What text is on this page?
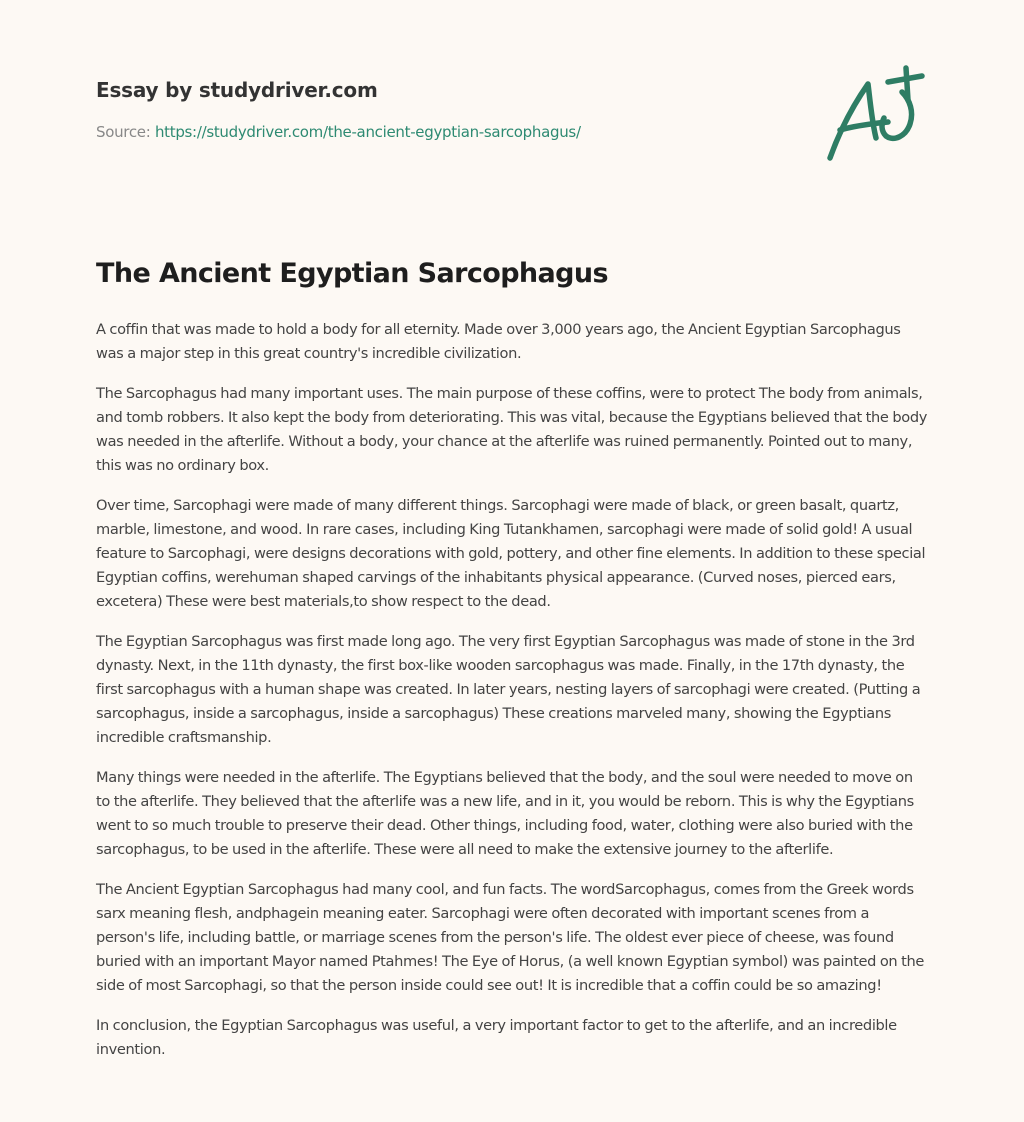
Essay by studydriver.com
Source: https://studydriver.com/the-ancient-egyptian-sarcophagus/
The Ancient Egyptian Sarcophagus

A coffin that was made to hold a body for all eternity. Made over 3,000 years ago, the Ancient Egyptian Sarcophagus was a major step in this great country's incredible civilization.

The Sarcophagus had many important uses. The main purpose of these coffins, were to protect The body from animals, and tomb robbers. It also kept the body from deteriorating. This was vital, because the Egyptians believed that the body was needed in the afterlife. Without a body, your chance at the afterlife was ruined permanently. Pointed out to many, this was no ordinary box.

Over time, Sarcophagi were made of many different things. Sarcophagi were made of black, or green basalt, quartz, marble, limestone, and wood. In rare cases, including King Tutankhamen, sarcophagi were made of solid gold! A usual feature to Sarcophagi, were designs decorations with gold, pottery, and other fine elements. In addition to these special Egyptian coffins, werehuman shaped carvings of the inhabitants physical appearance. (Curved noses, pierced ears, excetera) These were best materials,to show respect to the dead.

The Egyptian Sarcophagus was first made long ago. The very first Egyptian Sarcophagus was made of stone in the 3rd dynasty. Next, in the 11th dynasty, the first box-like wooden sarcophagus was made. Finally, in the 17th dynasty, the first sarcophagus with a human shape was created. In later years, nesting layers of sarcophagi were created. (Putting a sarcophagus, inside a sarcophagus, inside a sarcophagus) These creations marveled many, showing the Egyptians incredible craftsmanship.

Many things were needed in the afterlife. The Egyptians believed that the body, and the soul were needed to move on to the afterlife. They believed that the afterlife was a new life, and in it, you would be reborn. This is why the Egyptians went to so much trouble to preserve their dead. Other things, including food, water, clothing were also buried with the sarcophagus, to be used in the afterlife. These were all need to make the extensive journey to the afterlife.

The Ancient Egyptian Sarcophagus had many cool, and fun facts. The wordSarcophagus, comes from the Greek words sarx meaning flesh, andphagein meaning eater. Sarcophagi were often decorated with important scenes from a person's life, including battle, or marriage scenes from the person's life. The oldest ever piece of cheese, was found buried with an important Mayor named Ptahmes! The Eye of Horus, (a well known Egyptian symbol) was painted on the side of most Sarcophagi, so that the person inside could see out! It is incredible that a coffin could be so amazing!

In conclusion, the Egyptian Sarcophagus was useful, a very important factor to get to the afterlife, and an incredible invention.
